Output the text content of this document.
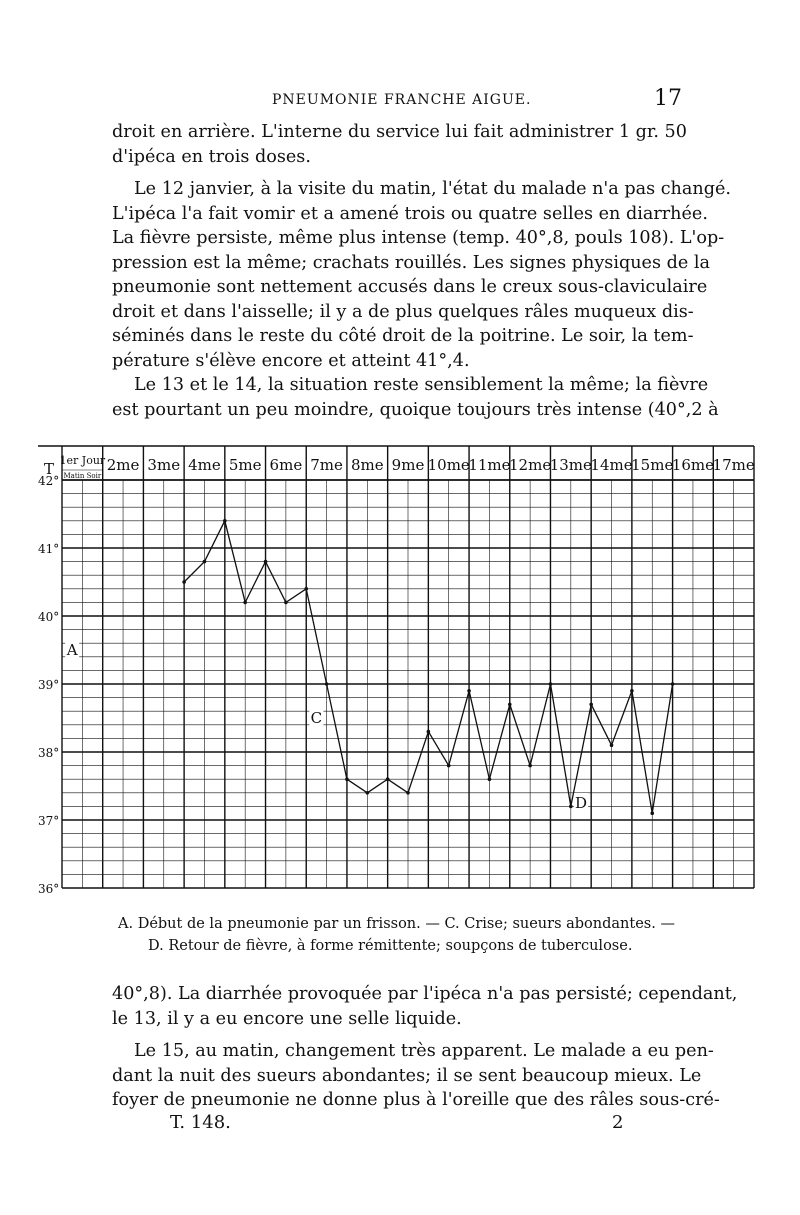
PNEUMONIE FRANCHE AIGUE.	17

droit en arrière. L'interne du service lui fait administrer 1 gr. 50
d'ipéca en trois doses.

Le 12 janvier, à la visite du matin, l'état du malade n'a pas changé.
L'ipéca l'a fait vomir et a amené trois ou quatre selles en diarrhée.
La fièvre persiste, même plus intense (temp. 40°,8, pouls 108). L'op-
pression est la même; crachats rouillés. Les signes physiques de la
pneumonie sont nettement accusés dans le creux sous-claviculaire
droit et dans l'aisselle; il y a de plus quelques râles muqueux dis-
séminés dans le reste du côté droit de la poitrine. Le soir, la tem-
pérature s'élève encore et atteint 41°,4.

Le 13 et le 14, la situation reste sensiblement la même; la fièvre
est pourtant un peu moindre, quoique toujours très intense (40°,2 à

1er Jour 2me 3me 4me 5me 6me 7me 8me 9me 10me
11me
12me
13me
14me
15me
16me
17me
Matin Soir
T
42°
41°
40°
39°
38°
37°
36°
A
C
D
A. Début de la pneumonie par un frisson. — C. Crise; sueurs abondantes. —
D. Retour de fièvre, à forme rémittente; soupçons de tuberculose.

40°,8). La diarrhée provoquée par l'ipéca n'a pas persisté; cependant,
le 13, il y a eu encore une selle liquide.

Le 15, au matin, changement très apparent. Le malade a eu pen-
dant la nuit des sueurs abondantes; il se sent beaucoup mieux. Le
foyer de pneumonie ne donne plus à l'oreille que des râles sous-cré-

T. 148.	2
